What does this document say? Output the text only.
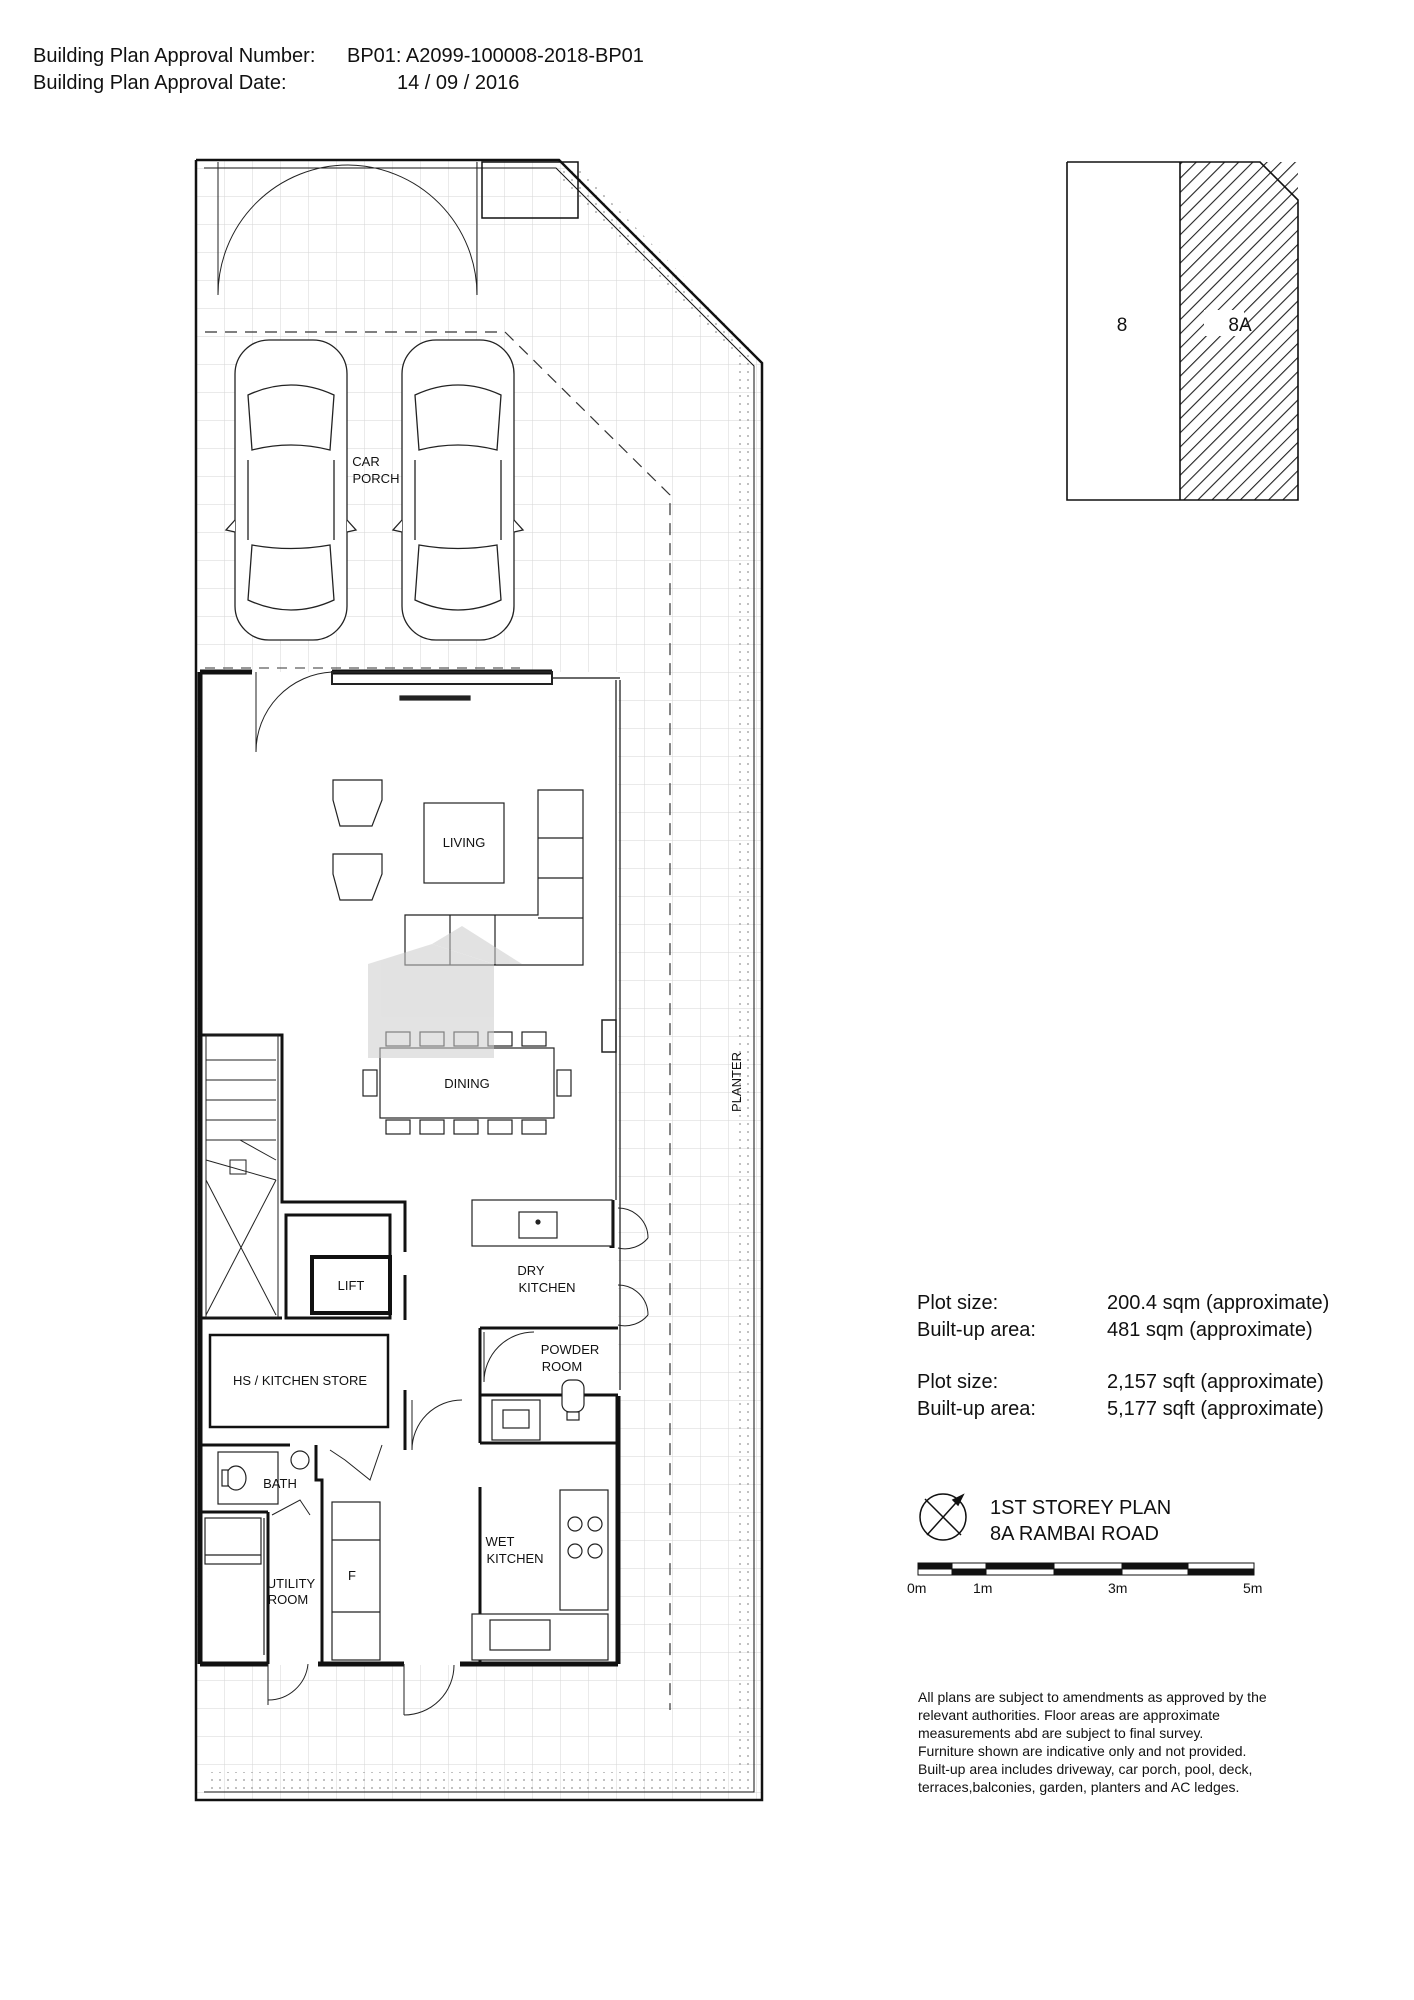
Building Plan Approval Number: BP01: A2099-100008-2018-BP01
Building Plan Approval Date:	14 / 09 / 2016
CAR
PORCH
LIVING
DINING	PLANTER
LIFT
DRY
KITCHEN
POWDER
ROOM
HS / KITCHEN STORE
BATH
UTILITY
ROOM
F
WET
KITCHEN
8	8A
Plot size:	200.4 sqm (approximate)
Built-up area:	481 sqm (approximate)
Plot size:	2,157 sqft (approximate)
Built-up area:	5,177 sqft (approximate)
1ST STOREY PLAN
8A RAMBAI ROAD
0m	1m	3m	5m
All plans are subject to amendments as approved by the
relevant authorities. Floor areas are approximate
measurements abd are subject to final survey.
Furniture shown are indicative only and not provided.
Built-up area includes driveway, car porch, pool, deck,
terraces,balconies, garden, planters and AC ledges.
